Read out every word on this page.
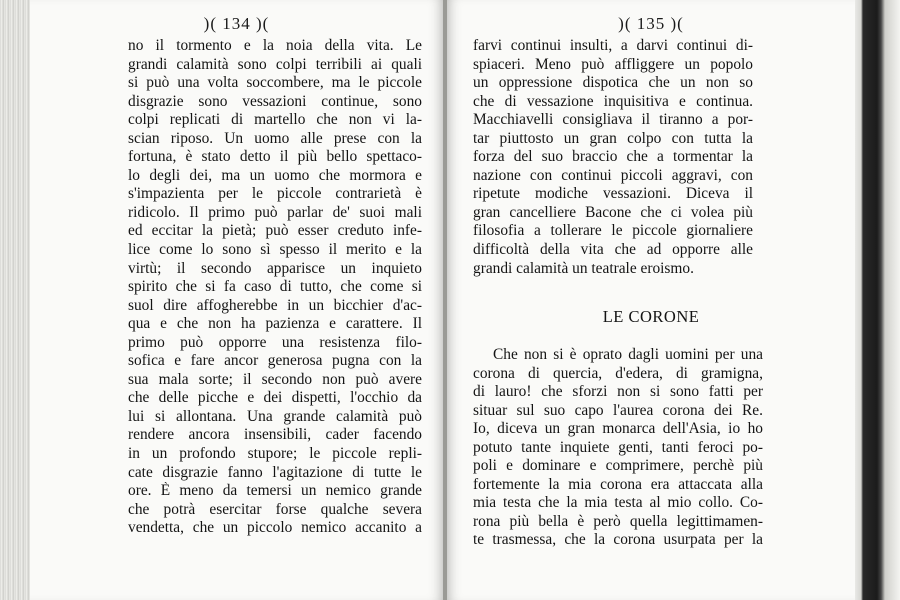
)( 134 )(
no il tormento e la noia della vita. Le
grandi calamità sono colpi terribili ai quali
si può una volta soccombere, ma le piccole
disgrazie sono vessazioni continue, sono
colpi replicati di martello che non vi la-
scian riposo. Un uomo alle prese con la
fortuna, è stato detto il più bello spettaco-
lo degli dei, ma un uomo che mormora e
s'impazienta per le piccole contrarietà è
ridicolo. Il primo può parlar de' suoi mali
ed eccitar la pietà; può esser creduto infe-
lice come lo sono sì spesso il merito e la
virtù; il secondo apparisce un inquieto
spirito che si fa caso di tutto, che come si
suol dire affogherebbe in un bicchier d'ac-
qua e che non ha pazienza e carattere. Il
primo può opporre una resistenza filo-
sofica e fare ancor generosa pugna con la
sua mala sorte; il secondo non può avere
che delle picche e dei dispetti, l'occhio da
lui si allontana. Una grande calamità può
rendere ancora insensibili, cader facendo
in un profondo stupore; le piccole repli-
cate disgrazie fanno l'agitazione di tutte le
ore. È meno da temersi un nemico grande
che potrà esercitar forse qualche severa
vendetta, che un piccolo nemico accanito a
)( 135 )(
farvi continui insulti, a darvi continui di-
spiaceri. Meno può affliggere un popolo
un oppressione dispotica che un non so
che di vessazione inquisitiva e continua.
Macchiavelli consigliava il tiranno a por-
tar piuttosto un gran colpo con tutta la
forza del suo braccio che a tormentar la
nazione con continui piccoli aggravi, con
ripetute modiche vessazioni. Diceva il
gran cancelliere Bacone che ci volea più
filosofia a tollerare le piccole giornaliere
difficoltà della vita che ad opporre alle
grandi calamità un teatrale eroismo.
LE CORONE
Che non si è oprato dagli uomini per una
corona di quercia, d'edera, di gramigna,
di lauro! che sforzi non si sono fatti per
situar sul suo capo l'aurea corona dei Re.
Io, diceva un gran monarca dell'Asia, io ho
potuto tante inquiete genti, tanti feroci po-
poli e dominare e comprimere, perchè più
fortemente la mia corona era attaccata alla
mia testa che la mia testa al mio collo. Co-
rona più bella è però quella legittimamen-
te trasmessa, che la corona usurpata per la
